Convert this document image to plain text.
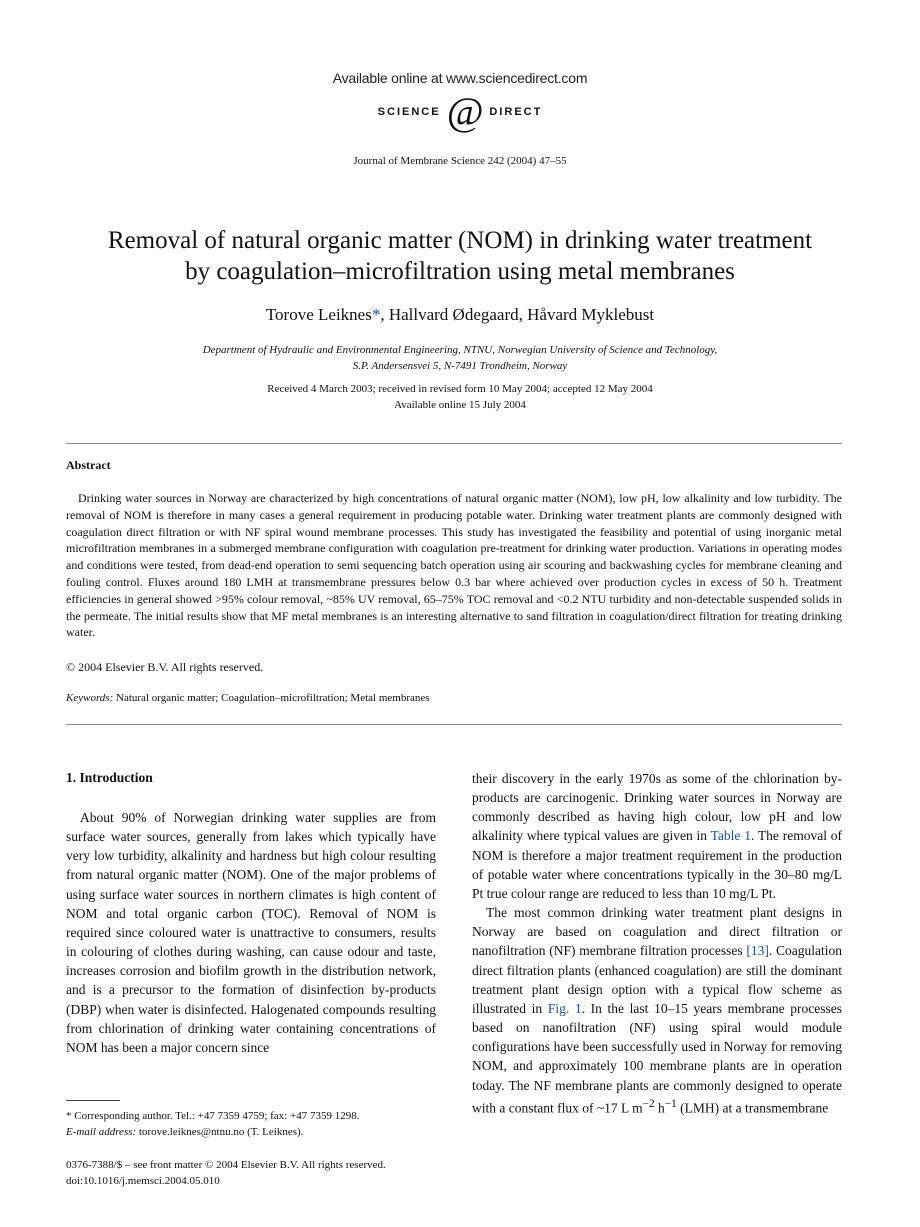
Available online at www.sciencedirect.com
SCIENCE @ DIRECT
Journal of Membrane Science 242 (2004) 47–55
Removal of natural organic matter (NOM) in drinking water treatment
by coagulation–microfiltration using metal membranes
Torove Leiknes*, Hallvard Ødegaard, Håvard Myklebust
Department of Hydraulic and Environmental Engineering, NTNU, Norwegian University of Science and Technology,
S.P. Andersensvei 5, N-7491 Trondheim, Norway
Received 4 March 2003; received in revised form 10 May 2004; accepted 12 May 2004
Available online 15 July 2004
Abstract

Drinking water sources in Norway are characterized by high concentrations of natural organic matter (NOM), low pH, low alkalinity and low turbidity. The removal of NOM is therefore in many cases a general requirement in producing potable water. Drinking water treatment plants are commonly designed with coagulation direct filtration or with NF spiral wound membrane processes. This study has investigated the feasibility and potential of using inorganic metal microfiltration membranes in a submerged membrane configuration with coagulation pre-treatment for drinking water production. Variations in operating modes and conditions were tested, from dead-end operation to semi sequencing batch operation using air scouring and backwashing cycles for membrane cleaning and fouling control. Fluxes around 180 LMH at transmembrane pressures below 0.3 bar where achieved over production cycles in excess of 50 h. Treatment efficiencies in general showed >95% colour removal, ~85% UV removal, 65–75% TOC removal and <0.2 NTU turbidity and non-detectable suspended solids in the permeate. The initial results show that MF metal membranes is an interesting alternative to sand filtration in coagulation/direct filtration for treating drinking water.

© 2004 Elsevier B.V. All rights reserved.
Keywords: Natural organic matter; Coagulation–microfiltration; Metal membranes
1. Introduction

About 90% of Norwegian drinking water supplies are from surface water sources, generally from lakes which typically have very low turbidity, alkalinity and hardness but high colour resulting from natural organic matter (NOM). One of the major problems of using surface water sources in northern climates is high content of NOM and total organic carbon (TOC). Removal of NOM is required since coloured water is unattractive to consumers, results in colouring of clothes during washing, can cause odour and taste, increases corrosion and biofilm growth in the distribution network, and is a precursor to the formation of disinfection by-products (DBP) when water is disinfected. Halogenated compounds resulting from chlorination of drinking water containing concentrations of NOM has been a major concern since

their discovery in the early 1970s as some of the chlorination by-products are carcinogenic. Drinking water sources in Norway are commonly described as having high colour, low pH and low alkalinity where typical values are given in Table 1. The removal of NOM is therefore a major treatment requirement in the production of potable water where concentrations typically in the 30–80 mg/L Pt true colour range are reduced to less than 10 mg/L Pt.

The most common drinking water treatment plant designs in Norway are based on coagulation and direct filtration or nanofiltration (NF) membrane filtration processes [13]. Coagulation direct filtration plants (enhanced coagulation) are still the dominant treatment plant design option with a typical flow scheme as illustrated in Fig. 1. In the last 10–15 years membrane processes based on nanofiltration (NF) using spiral would module configurations have been successfully used in Norway for removing NOM, and approximately 100 membrane plants are in operation today. The NF membrane plants are commonly designed to operate with a constant flux of ~17 L $m^{-2}$ $h^{-1}$ (LMH) at a transmembrane

* Corresponding author. Tel.: +47 7359 4759; fax: +47 7359 1298.
E-mail address: torove.leiknes@ntnu.no (T. Leiknes).
0376-7388/$ – see front matter © 2004 Elsevier B.V. All rights reserved.
doi:10.1016/j.memsci.2004.05.010
